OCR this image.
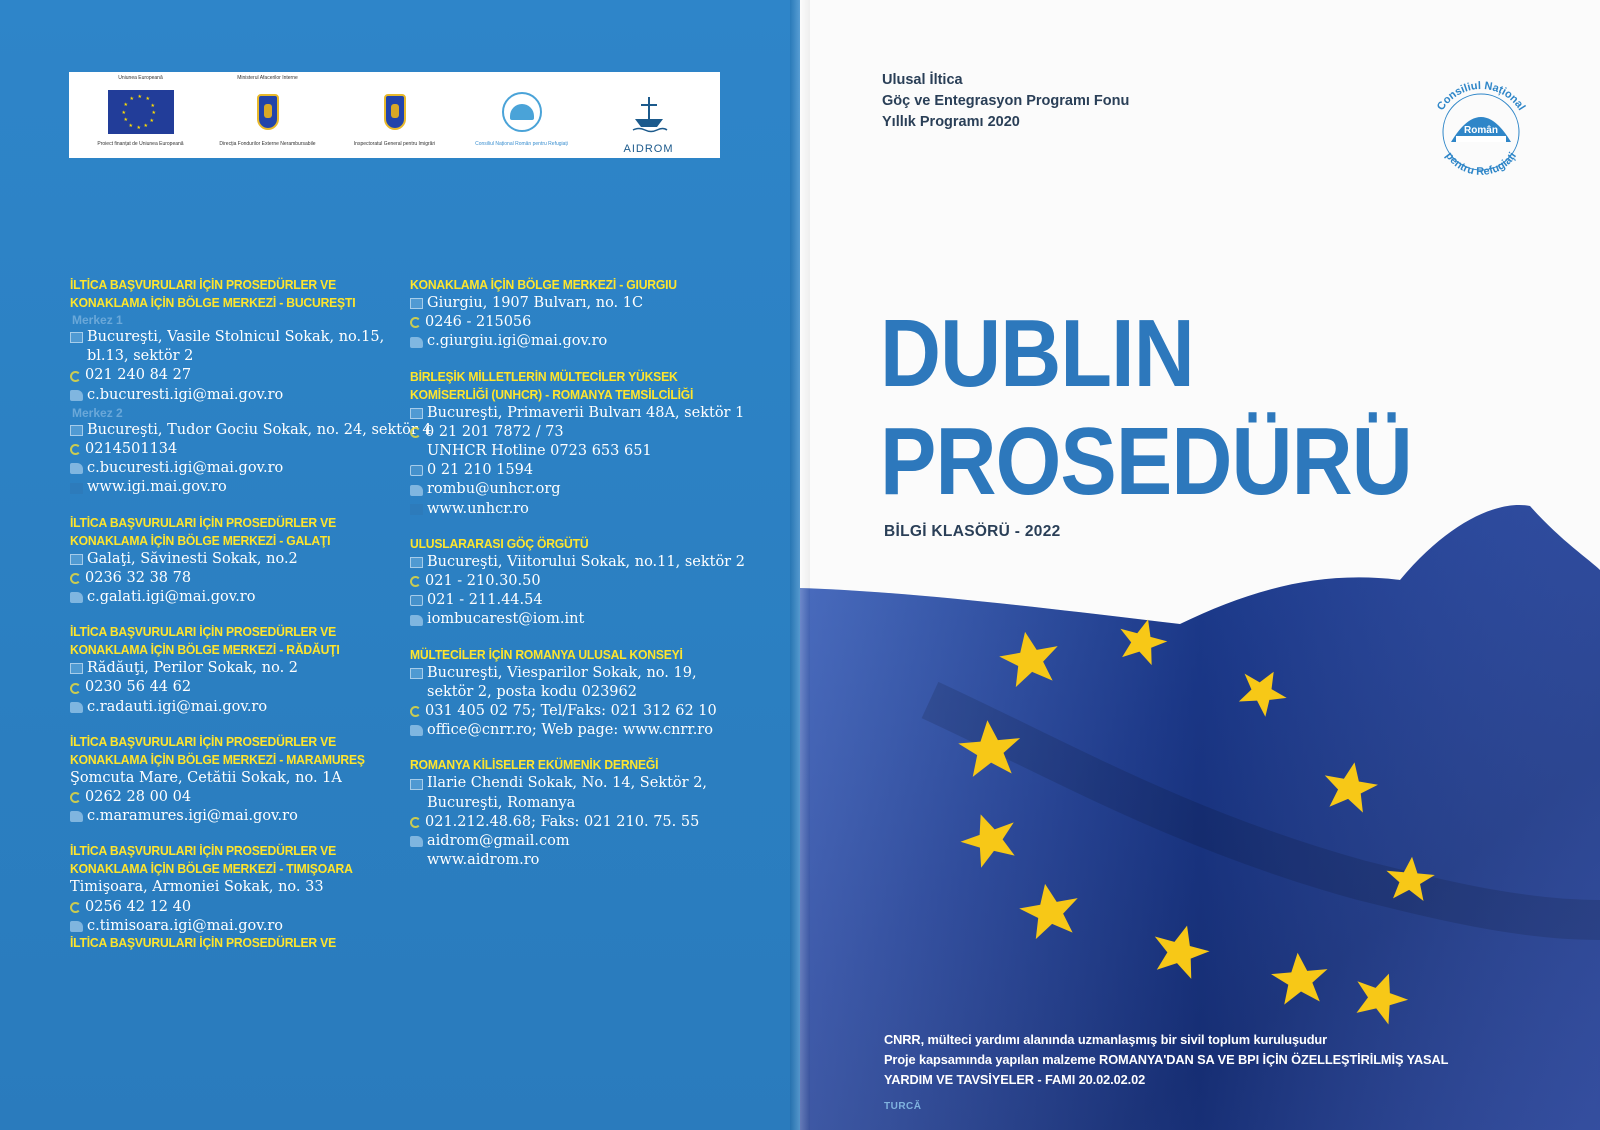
Uniunea Europeană
★ ★
★
★
★
★
★
★
★
★
★
★
Proiect finanțat de Uniunea Europeană
Ministerul Afacerilor Interne
Direcția Fondurilor Externe Nerambursabile	Inspectoratul General pentru Imigrări	Consiliul Național Român pentru Refugiați	AIDROM
İLTİCA BAŞVURULARI İÇİN PROSEDÜRLER VE
KONAKLAMA İÇİN BÖLGE MERKEZİ - BUCUREŞTI
Merkez 1
Bucureşti, Vasile Stolnicul Sokak, no.15,
bl.13, sektör 2
021 240 84 27
c.bucuresti.igi@mai.gov.ro
Merkez 2
Bucureşti, Tudor Gociu Sokak, no. 24, sektör 4
0214501134
c.bucuresti.igi@mai.gov.ro
www.igi.mai.gov.ro
İLTİCA BAŞVURULARI İÇİN PROSEDÜRLER VE
KONAKLAMA İÇİN BÖLGE MERKEZİ - GALAŢI
Galaţi, Săvinesti Sokak, no.2
0236 32 38 78
c.galati.igi@mai.gov.ro
İLTİCA BAŞVURULARI İÇİN PROSEDÜRLER VE
KONAKLAMA İÇİN BÖLGE MERKEZİ - RĂDĂUŢI
Rădăuţi, Perilor Sokak, no. 2
0230 56 44 62
c.radauti.igi@mai.gov.ro
İLTİCA BAŞVURULARI İÇİN PROSEDÜRLER VE
KONAKLAMA İÇİN BÖLGE MERKEZİ - MARAMUREŞ
Şomcuta Mare, Cetătii Sokak, no. 1A
0262 28 00 04
c.maramures.igi@mai.gov.ro
İLTİCA BAŞVURULARI İÇİN PROSEDÜRLER VE
KONAKLAMA İÇİN BÖLGE MERKEZİ - TIMIŞOARA
Timişoara, Armoniei Sokak, no. 33
0256 42 12 40
c.timisoara.igi@mai.gov.ro
İLTİCA BAŞVURULARI İÇİN PROSEDÜRLER VE
KONAKLAMA İÇİN BÖLGE MERKEZİ - GIURGIU
Giurgiu, 1907 Bulvarı, no. 1C
0246 - 215056
c.giurgiu.igi@mai.gov.ro
BİRLEŞİK MİLLETLERİN MÜLTECİLER YÜKSEK
KOMİSERLİĞİ (UNHCR) - ROMANYA TEMSİLCİLİĞİ
Bucureşti, Primaverii Bulvarı 48A, sektör 1
0 21 201 7872 / 73
UNHCR Hotline 0723 653 651
0 21 210 1594
rombu@unhcr.org
www.unhcr.ro
ULUSLARARASI GÖÇ ÖRGÜTÜ
Bucureşti, Viitorului Sokak, no.11, sektör 2
021 - 210.30.50
021 - 211.44.54
iombucarest@iom.int
MÜLTECİLER İÇİN ROMANYA ULUSAL KONSEYİ
Bucureşti, Viesparilor Sokak, no. 19,
sektör 2, posta kodu 023962
031 405 02 75; Tel/Faks: 021 312 62 10
office@cnrr.ro; Web page: www.cnrr.ro
ROMANYA KİLİSELER EKÜMENİK DERNEĞİ
Ilarie Chendi Sokak, No. 14, Sektör 2,
Bucureşti, Romanya
021.212.48.68; Faks: 021 210. 75. 55
aidrom@gmail.com
www.aidrom.ro
Ulusal İltica
Göç ve Entegrasyon Programı Fonu
Yıllık Programı 2020
Român
Consiliul Național
pentru Refugiați
DUBLIN
PROSEDÜRÜ
BİLGİ KLASÖRÜ - 2022
CNRR, mülteci yardımı alanında uzmanlaşmış bir sivil toplum kuruluşudur
Proje kapsamında yapılan malzeme ROMANYA'DAN SA VE BPI İÇİN ÖZELLEŞTİRİLMİŞ YASAL
YARDIM VE TAVSİYELER - FAMI 20.02.02.02
TURCĂ
